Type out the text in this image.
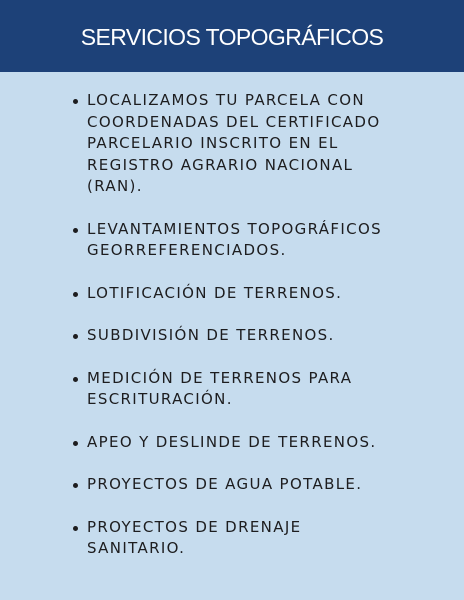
SERVICIOS TOPOGRÁFICOS
LOCALIZAMOS TU PARCELA CON
COORDENADAS DEL CERTIFICADO
PARCELARIO INSCRITO EN EL
REGISTRO AGRARIO NACIONAL
(RAN).
LEVANTAMIENTOS TOPOGRÁFICOS
GEORREFERENCIADOS.
LOTIFICACIÓN DE TERRENOS.
SUBDIVISIÓN DE TERRENOS.
MEDICIÓN DE TERRENOS PARA
ESCRITURACIÓN.
APEO Y DESLINDE DE TERRENOS.
PROYECTOS DE AGUA POTABLE.
PROYECTOS DE DRENAJE
SANITARIO.
